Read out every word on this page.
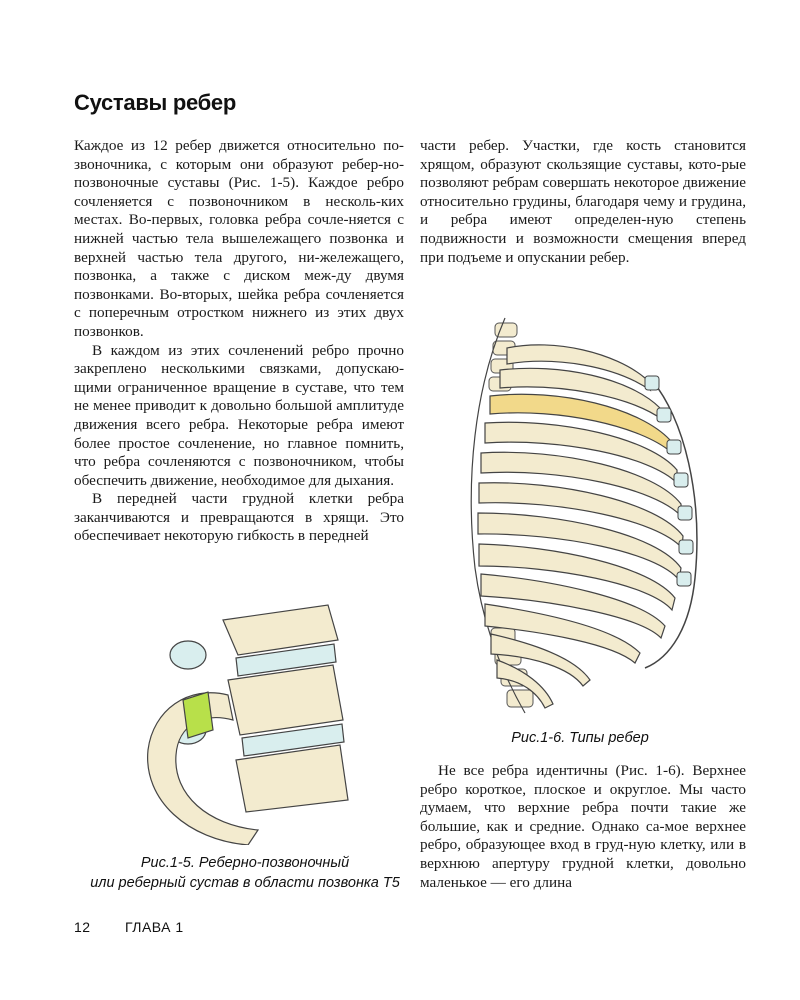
Суставы ребер

Каждое из 12 ребер движется относительно по-звоночника, с которым они образуют ребер-но-позвоночные суставы (Рис. 1-5). Каждое ребро сочленяется с позвоночником в несколь-ких местах. Во-первых, головка ребра сочле-няется с нижней частью тела вышележащего позвонка и верхней частью тела другого, ни-жележащего, позвонка, а также с диском меж-ду двумя позвонками. Во-вторых, шейка ребра сочленяется с поперечным отростком нижнего из этих двух позвонков.

В каждом из этих сочленений ребро прочно закреплено несколькими связками, допускаю-щими ограниченное вращение в суставе, что тем не менее приводит к довольно большой амплитуде движения всего ребра. Некоторые ребра имеют более простое сочленение, но главное помнить, что ребра сочленяются с позвоночником, чтобы обеспечить движение, необходимое для дыхания.

В передней части грудной клетки ребра заканчиваются и превращаются в хрящи. Это обеспечивает некоторую гибкость в передней

части ребер. Участки, где кость становится хрящом, образуют скользящие суставы, кото-рые позволяют ребрам совершать некоторое движение относительно грудины, благодаря чему и грудина, и ребра имеют определен-ную степень подвижности и возможности смещения вперед при подъеме и опускании ребер.

Рис.1-6. Типы ребер

Не все ребра идентичны (Рис. 1-6). Верхнее ребро короткое, плоское и округлое. Мы часто думаем, что верхние ребра почти такие же большие, как и средние. Однако са-мое верхнее ребро, образующее вход в груд-ную клетку, или в верхнюю апертуру грудной клетки, довольно маленькое — его длина

Рис.1-5. Реберно-позвоночный
или реберный сустав в области позвонка Т5
12 ГЛАВА 1
